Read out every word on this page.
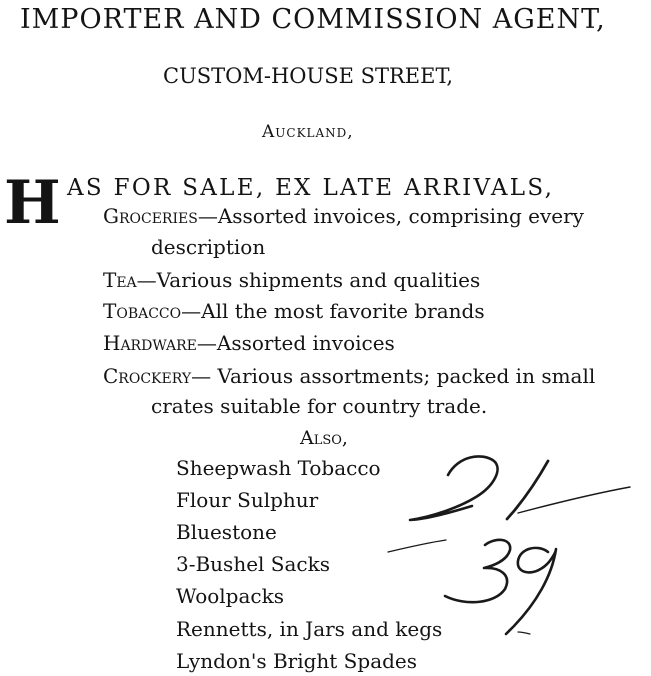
IMPORTER AND COMMISSION AGENT,
CUSTOM-HOUSE STREET,
Auckland,
H AS FOR SALE, EX LATE ARRIVALS,
Groceries—Assorted invoices, comprising every
description
Tea—Various shipments and qualities
Tobacco—All the most favorite brands
Hardware—Assorted invoices
Crockery— Various assortments; packed in small
crates suitable for country trade.
Also,
Sheepwash Tobacco
Flour Sulphur
Bluestone
3-Bushel Sacks
Woolpacks
Rennetts, in Jars and kegs
Lyndon's Bright Spades
